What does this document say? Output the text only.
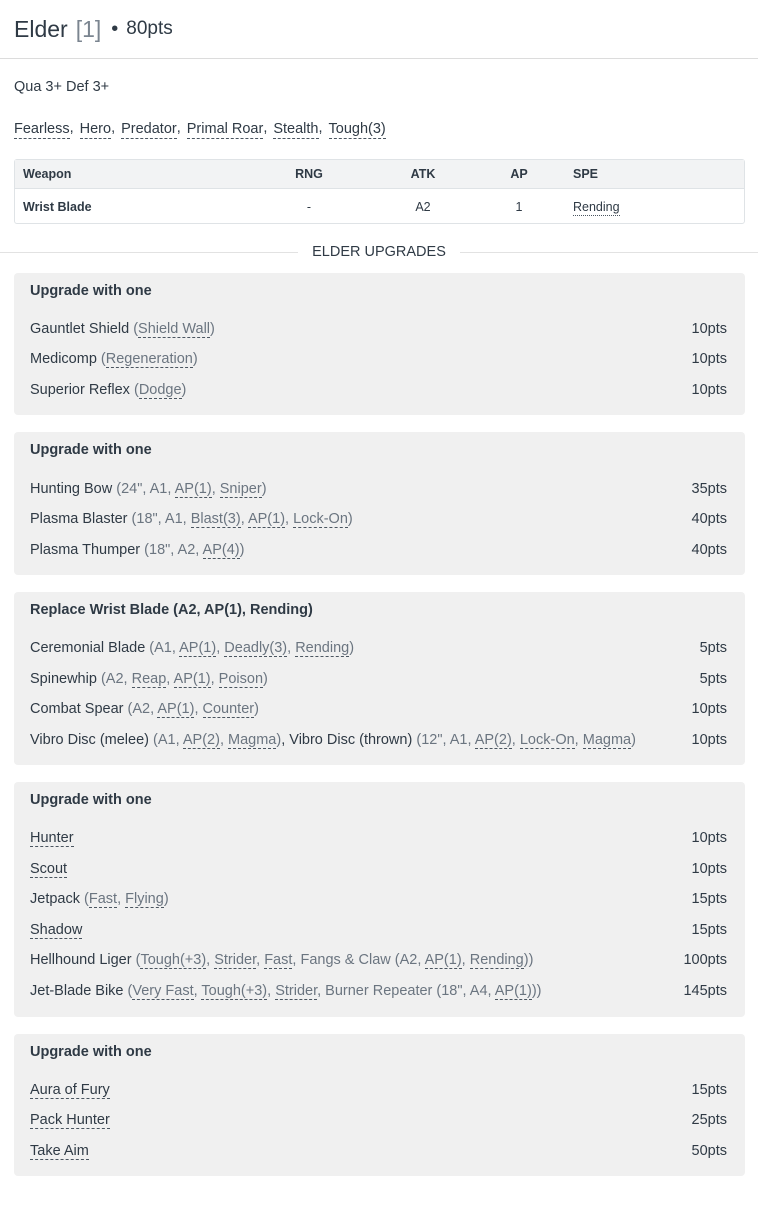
Elder [1] • 80pts
Qua 3+ Def 3+
Fearless , Hero , Predator , Primal Roar , Stealth , Tough(3)
Weapon	RNG	ATK	AP	SPE
Wrist Blade	-	A2	1	Rending
ELDER UPGRADES
Upgrade with one
Gauntlet Shield (Shield Wall)	10pts
Medicomp (Regeneration)	10pts
Superior Reflex (Dodge)	10pts
Upgrade with one
Hunting Bow (24", A1, AP(1), Sniper)	35pts
Plasma Blaster (18", A1, Blast(3), AP(1), Lock-On)	40pts
Plasma Thumper (18", A2, AP(4))	40pts
Replace Wrist Blade (A2, AP(1), Rending)
Ceremonial Blade (A1, AP(1), Deadly(3), Rending)	5pts
Spinewhip (A2, Reap, AP(1), Poison)	5pts
Combat Spear (A2, AP(1), Counter)	10pts
Vibro Disc (melee) (A1, AP(2), Magma), Vibro Disc (thrown) (12", A1, AP(2), Lock-On, Magma)	10pts
Upgrade with one
Hunter	10pts
Scout	10pts
Jetpack (Fast, Flying)	15pts
Shadow	15pts
Hellhound Liger (Tough(+3), Strider, Fast, Fangs & Claw (A2, AP(1), Rending))	100pts
Jet-Blade Bike (Very Fast, Tough(+3), Strider, Burner Repeater (18", A4, AP(1)))	145pts
Upgrade with one
Aura of Fury	15pts
Pack Hunter	25pts
Take Aim	50pts
